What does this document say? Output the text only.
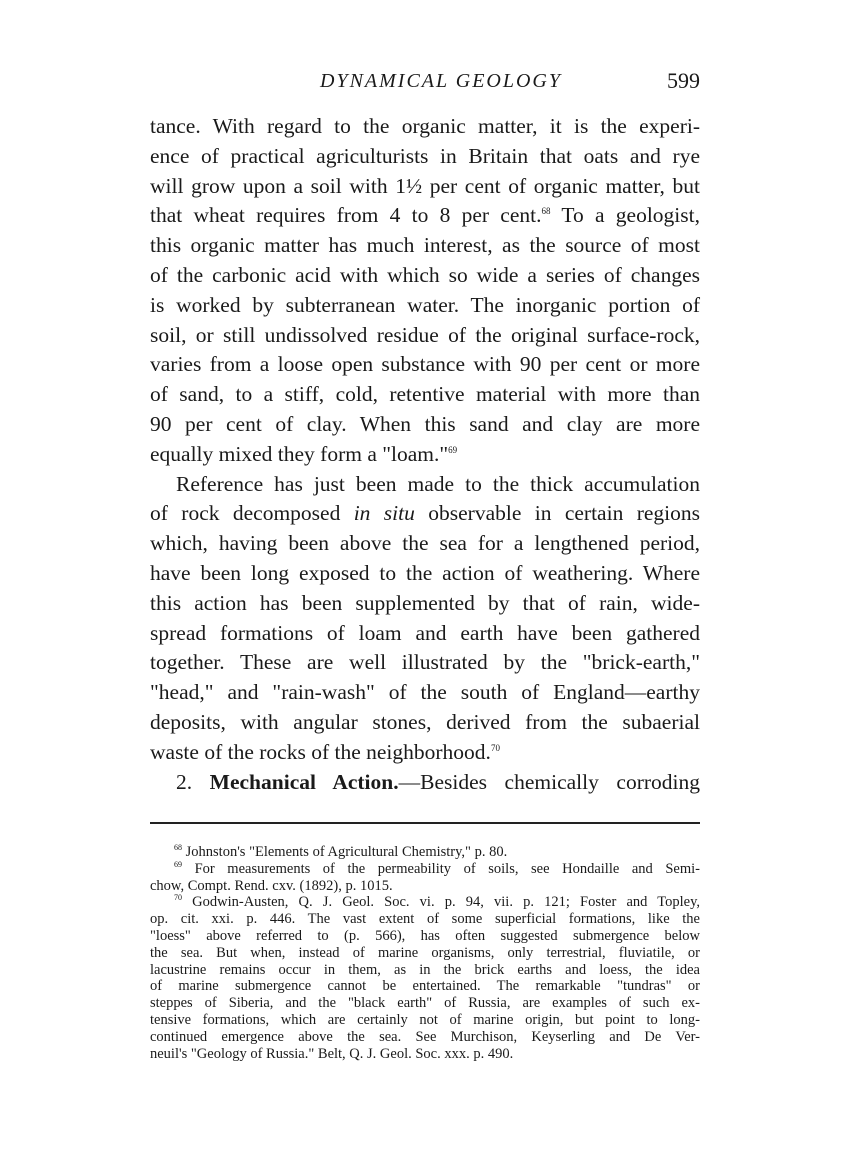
DYNAMICAL GEOLOGY	599
tance. With regard to the organic matter, it is the experi-
ence of practical agriculturists in Britain that oats and rye
will grow upon a soil with 1½ per cent of organic matter, but
that wheat requires from 4 to 8 per cent.$^{68}$ To a geologist,
this organic matter has much interest, as the source of most
of the carbonic acid with which so wide a series of changes
is worked by subterranean water. The inorganic portion of
soil, or still undissolved residue of the original surface-rock,
varies from a loose open substance with 90 per cent or more
of sand, to a stiff, cold, retentive material with more than
90 per cent of clay. When this sand and clay are more
equally mixed they form a "loam."$^{69}$
Reference has just been made to the thick accumulation
of rock decomposed in situ observable in certain regions
which, having been above the sea for a lengthened period,
have been long exposed to the action of weathering. Where
this action has been supplemented by that of rain, wide-
spread formations of loam and earth have been gathered
together. These are well illustrated by the "brick-earth,"
"head," and "rain-wash" of the south of England—earthy
deposits, with angular stones, derived from the subaerial
waste of the rocks of the neighborhood.$^{70}$
2. Mechanical Action.—Besides chemically corroding
$^{68}$ Johnston's "Elements of Agricultural Chemistry," p. 80.
$^{69}$ For measurements of the permeability of soils, see Hondaille and Semi-
chow, Compt. Rend. cxv. (1892), p. 1015.
$^{70}$ Godwin-Austen, Q. J. Geol. Soc. vi. p. 94, vii. p. 121; Foster and Topley,
op. cit. xxi. p. 446. The vast extent of some superficial formations, like the
"loess" above referred to (p. 566), has often suggested submergence below
the sea. But when, instead of marine organisms, only terrestrial, fluviatile, or
lacustrine remains occur in them, as in the brick earths and loess, the idea
of marine submergence cannot be entertained. The remarkable "tundras" or
steppes of Siberia, and the "black earth" of Russia, are examples of such ex-
tensive formations, which are certainly not of marine origin, but point to long-
continued emergence above the sea. See Murchison, Keyserling and De Ver-
neuil's "Geology of Russia." Belt, Q. J. Geol. Soc. xxx. p. 490.
